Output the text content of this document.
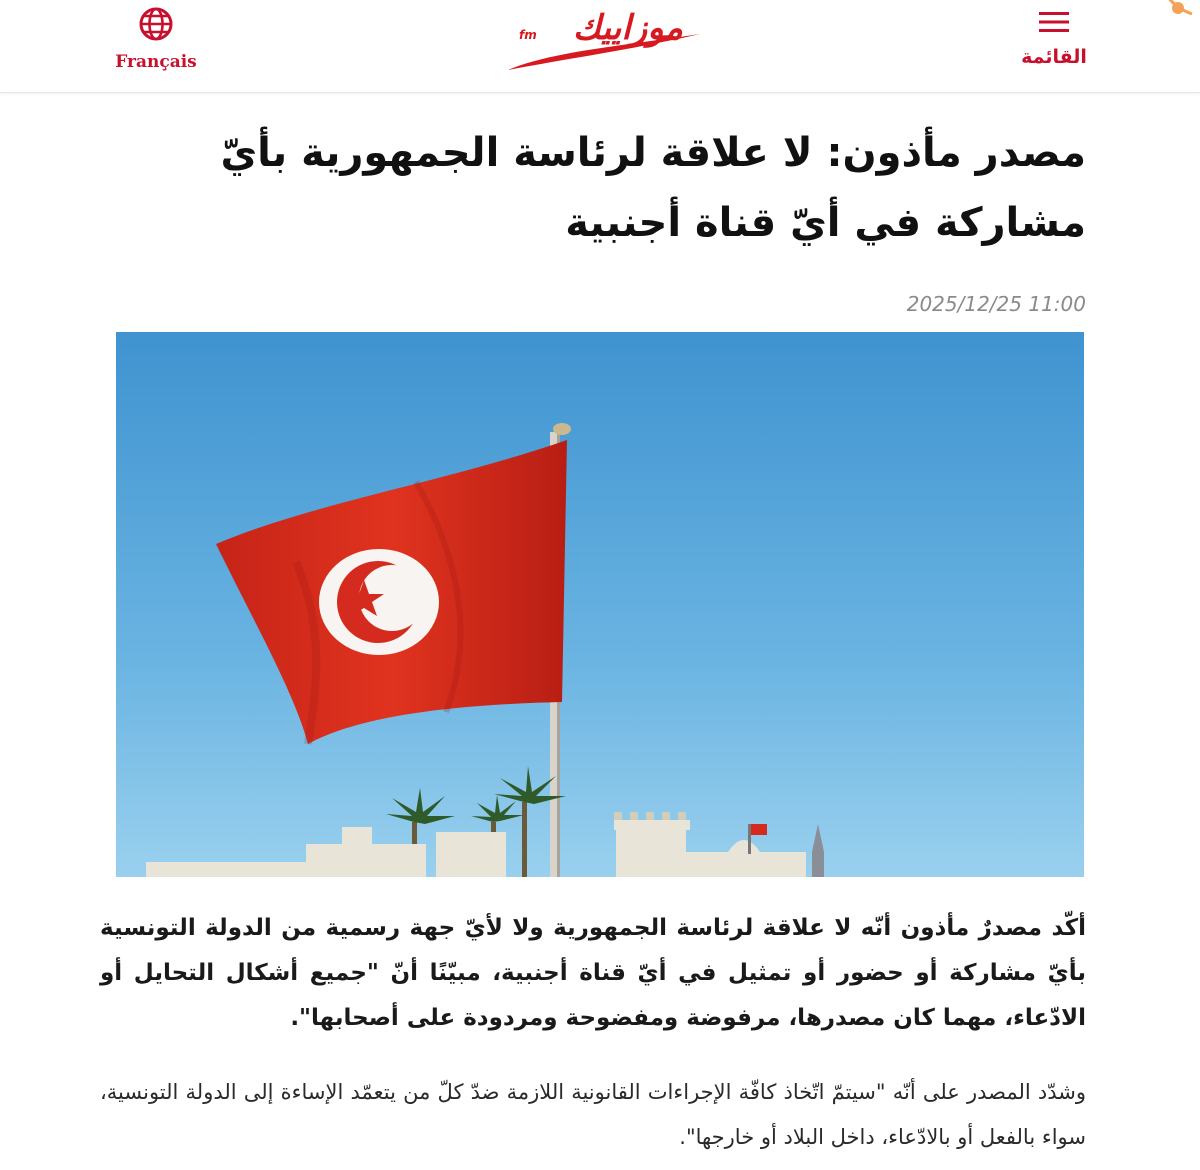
Français
موزاييك
fm
القائمة
مصدر مأذون: لا علاقة لرئاسة الجمهورية بأيّ مشاركة في أيّ قناة أجنبية
2025/12/25 11:00

أكّد مصدرٌ مأذون أنّه لا علاقة لرئاسة الجمهورية ولا لأيّ جهة رسمية من الدولة التونسية بأيّ مشاركة أو حضور أو تمثيل في أيّ قناة أجنبية، مبيّنًا أنّ "جميع أشكال التحايل أو الادّعاء، مهما كان مصدرها، مرفوضة ومفضوحة ومردودة على أصحابها".

وشدّد المصدر على أنّه "سيتمّ اتّخاذ كافّة الإجراءات القانونية اللازمة ضدّ كلّ من يتعمّد الإساءة إلى الدولة التونسية، سواء بالفعل أو بالادّعاء، داخل البلاد أو خارجها".
